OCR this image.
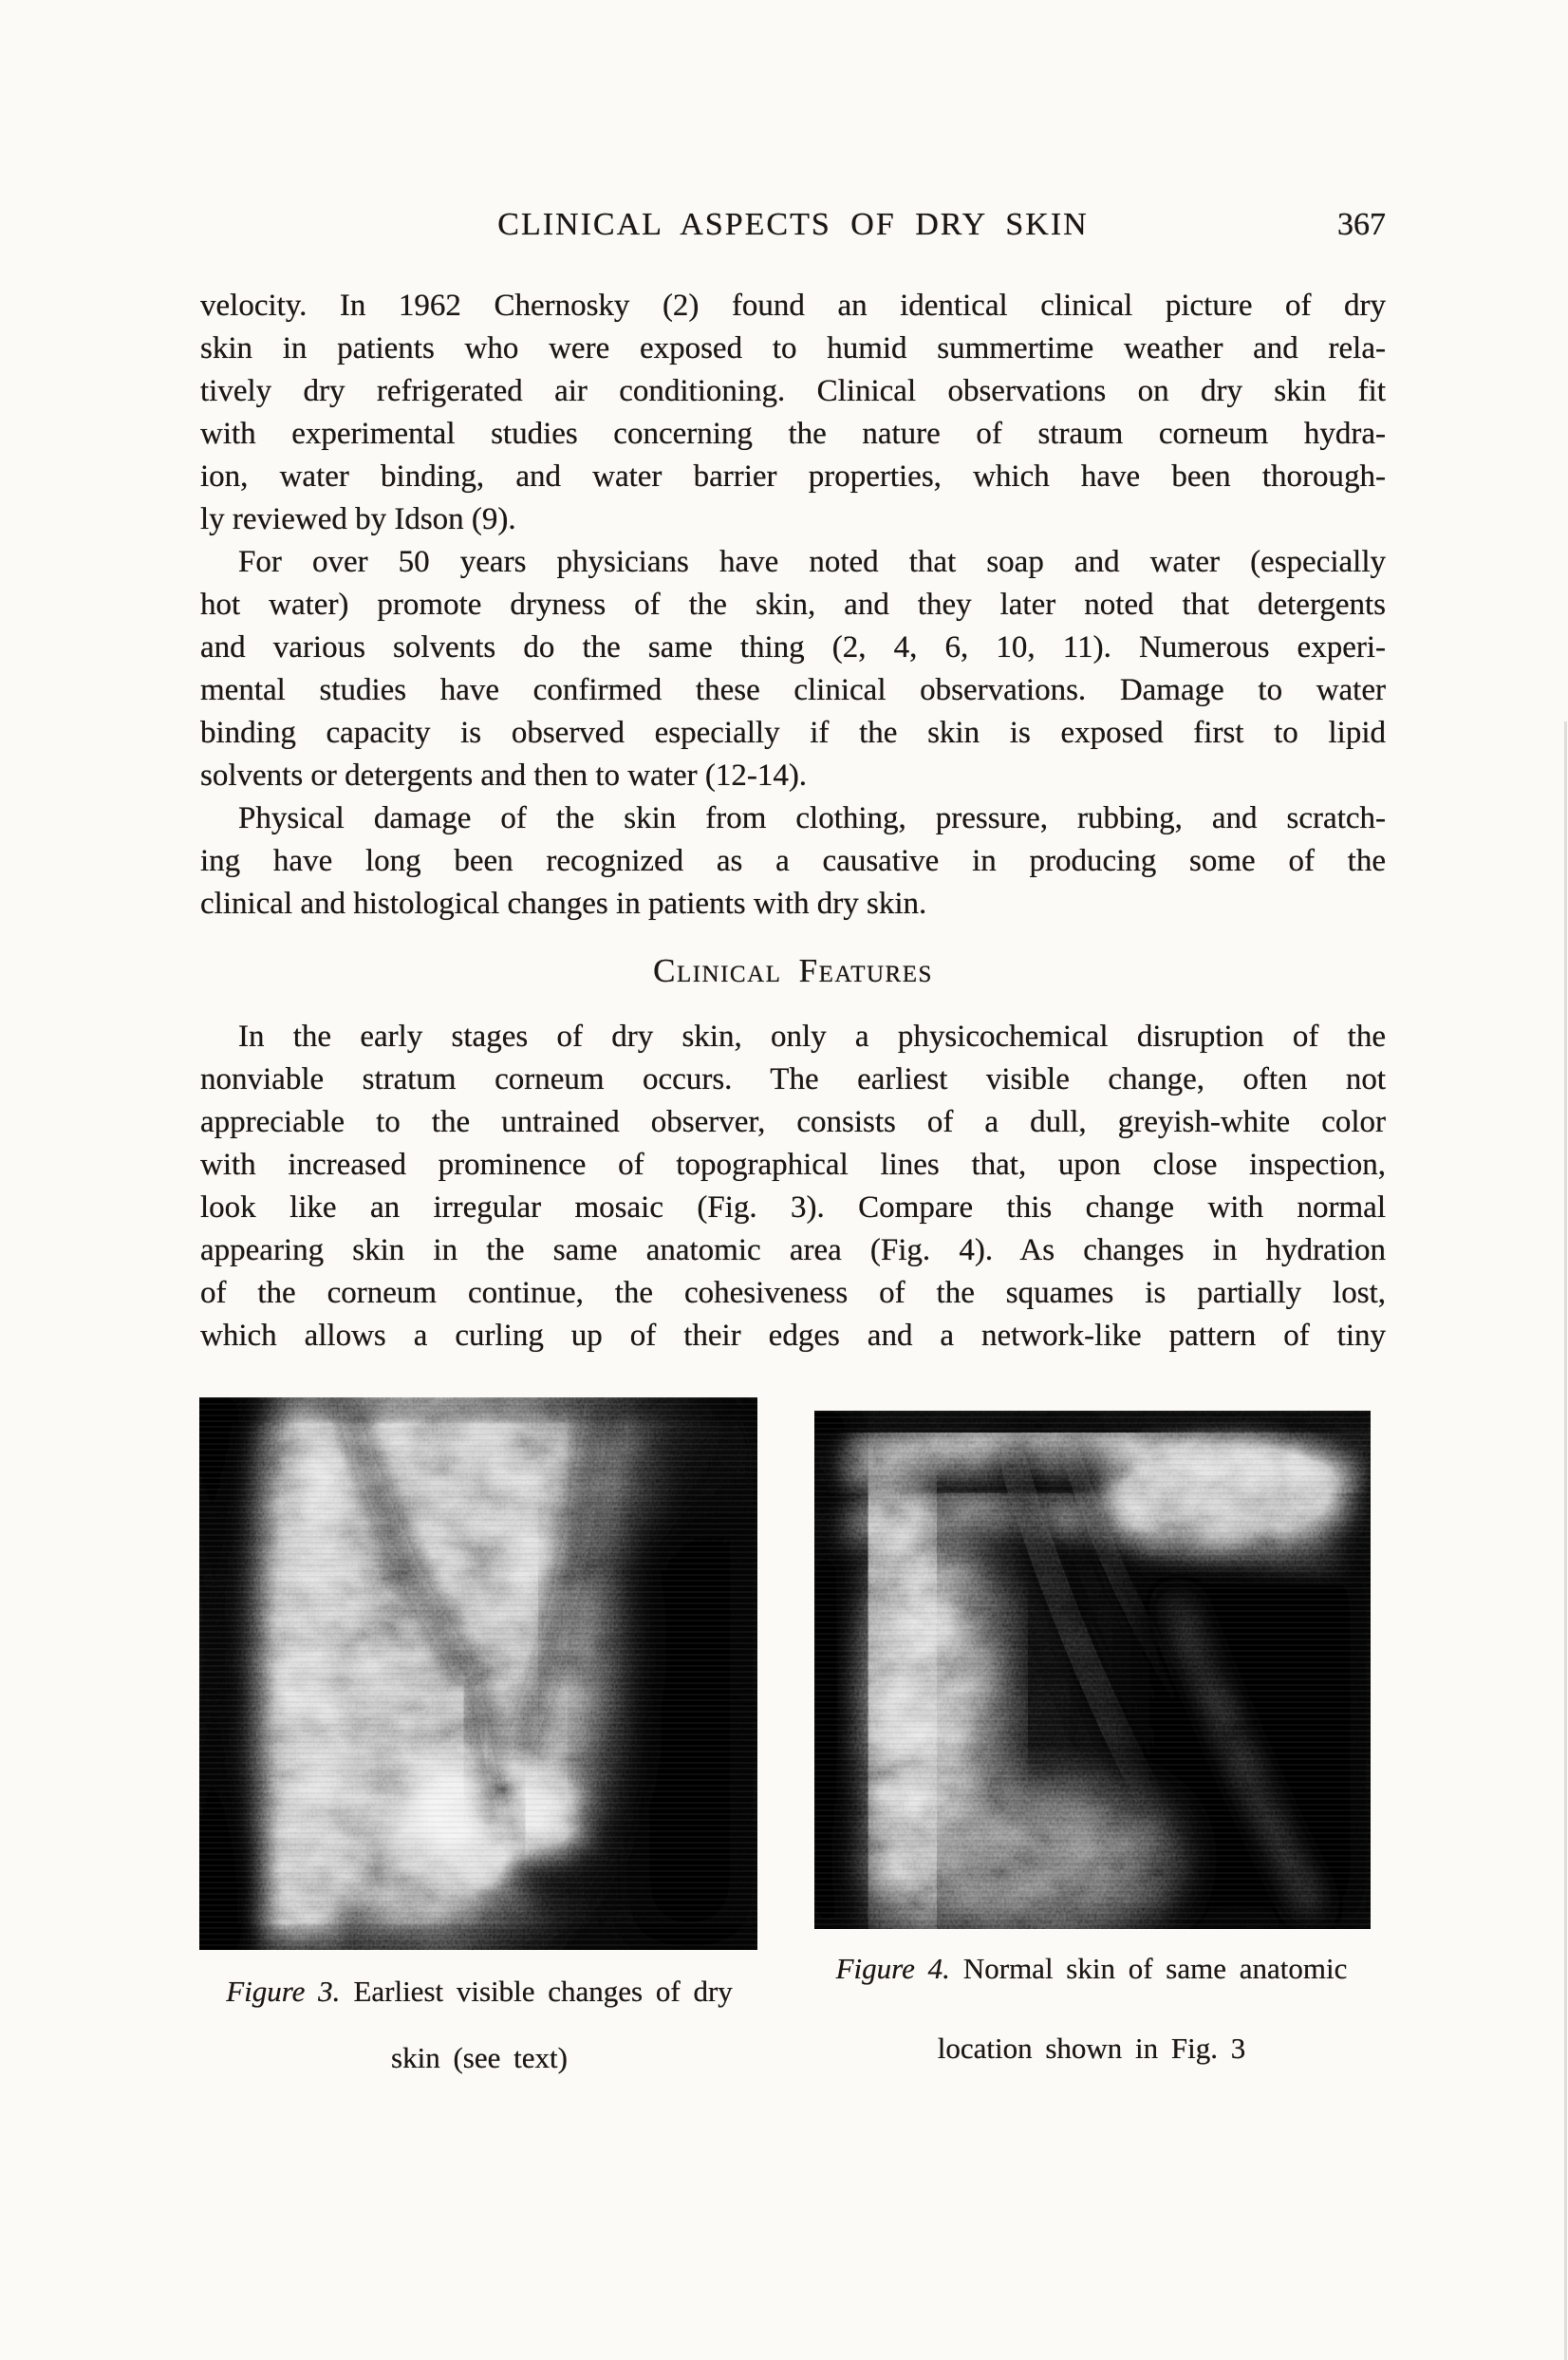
CLINICAL ASPECTS OF DRY SKIN	367
velocity. In 1962 Chernosky (2) found an identical clinical picture of dry
skin in patients who were exposed to humid summertime weather and rela-
tively dry refrigerated air conditioning. Clinical observations on dry skin fit
with experimental studies concerning the nature of straum corneum hydra-
ion, water binding, and water barrier properties, which have been thorough-
ly reviewed by Idson (9).
For over 50 years physicians have noted that soap and water (especially
hot water) promote dryness of the skin, and they later noted that detergents
and various solvents do the same thing (2, 4, 6, 10, 11). Numerous experi-
mental studies have confirmed these clinical observations. Damage to water
binding capacity is observed especially if the skin is exposed first to lipid
solvents or detergents and then to water (12-14).
Physical damage of the skin from clothing, pressure, rubbing, and scratch-
ing have long been recognized as a causative in producing some of the
clinical and histological changes in patients with dry skin.
Clinical Features
In the early stages of dry skin, only a physicochemical disruption of the
nonviable stratum corneum occurs. The earliest visible change, often not
appreciable to the untrained observer, consists of a dull, greyish-white color
with increased prominence of topographical lines that, upon close inspection,
look like an irregular mosaic (Fig. 3). Compare this change with normal
appearing skin in the same anatomic area (Fig. 4). As changes in hydration
of the corneum continue, the cohesiveness of the squames is partially lost,
which allows a curling up of their edges and a network-like pattern of tiny
Figure 3. Earliest visible changes of dry
skin (see text)
Figure 4. Normal skin of same anatomic
location shown in Fig. 3
